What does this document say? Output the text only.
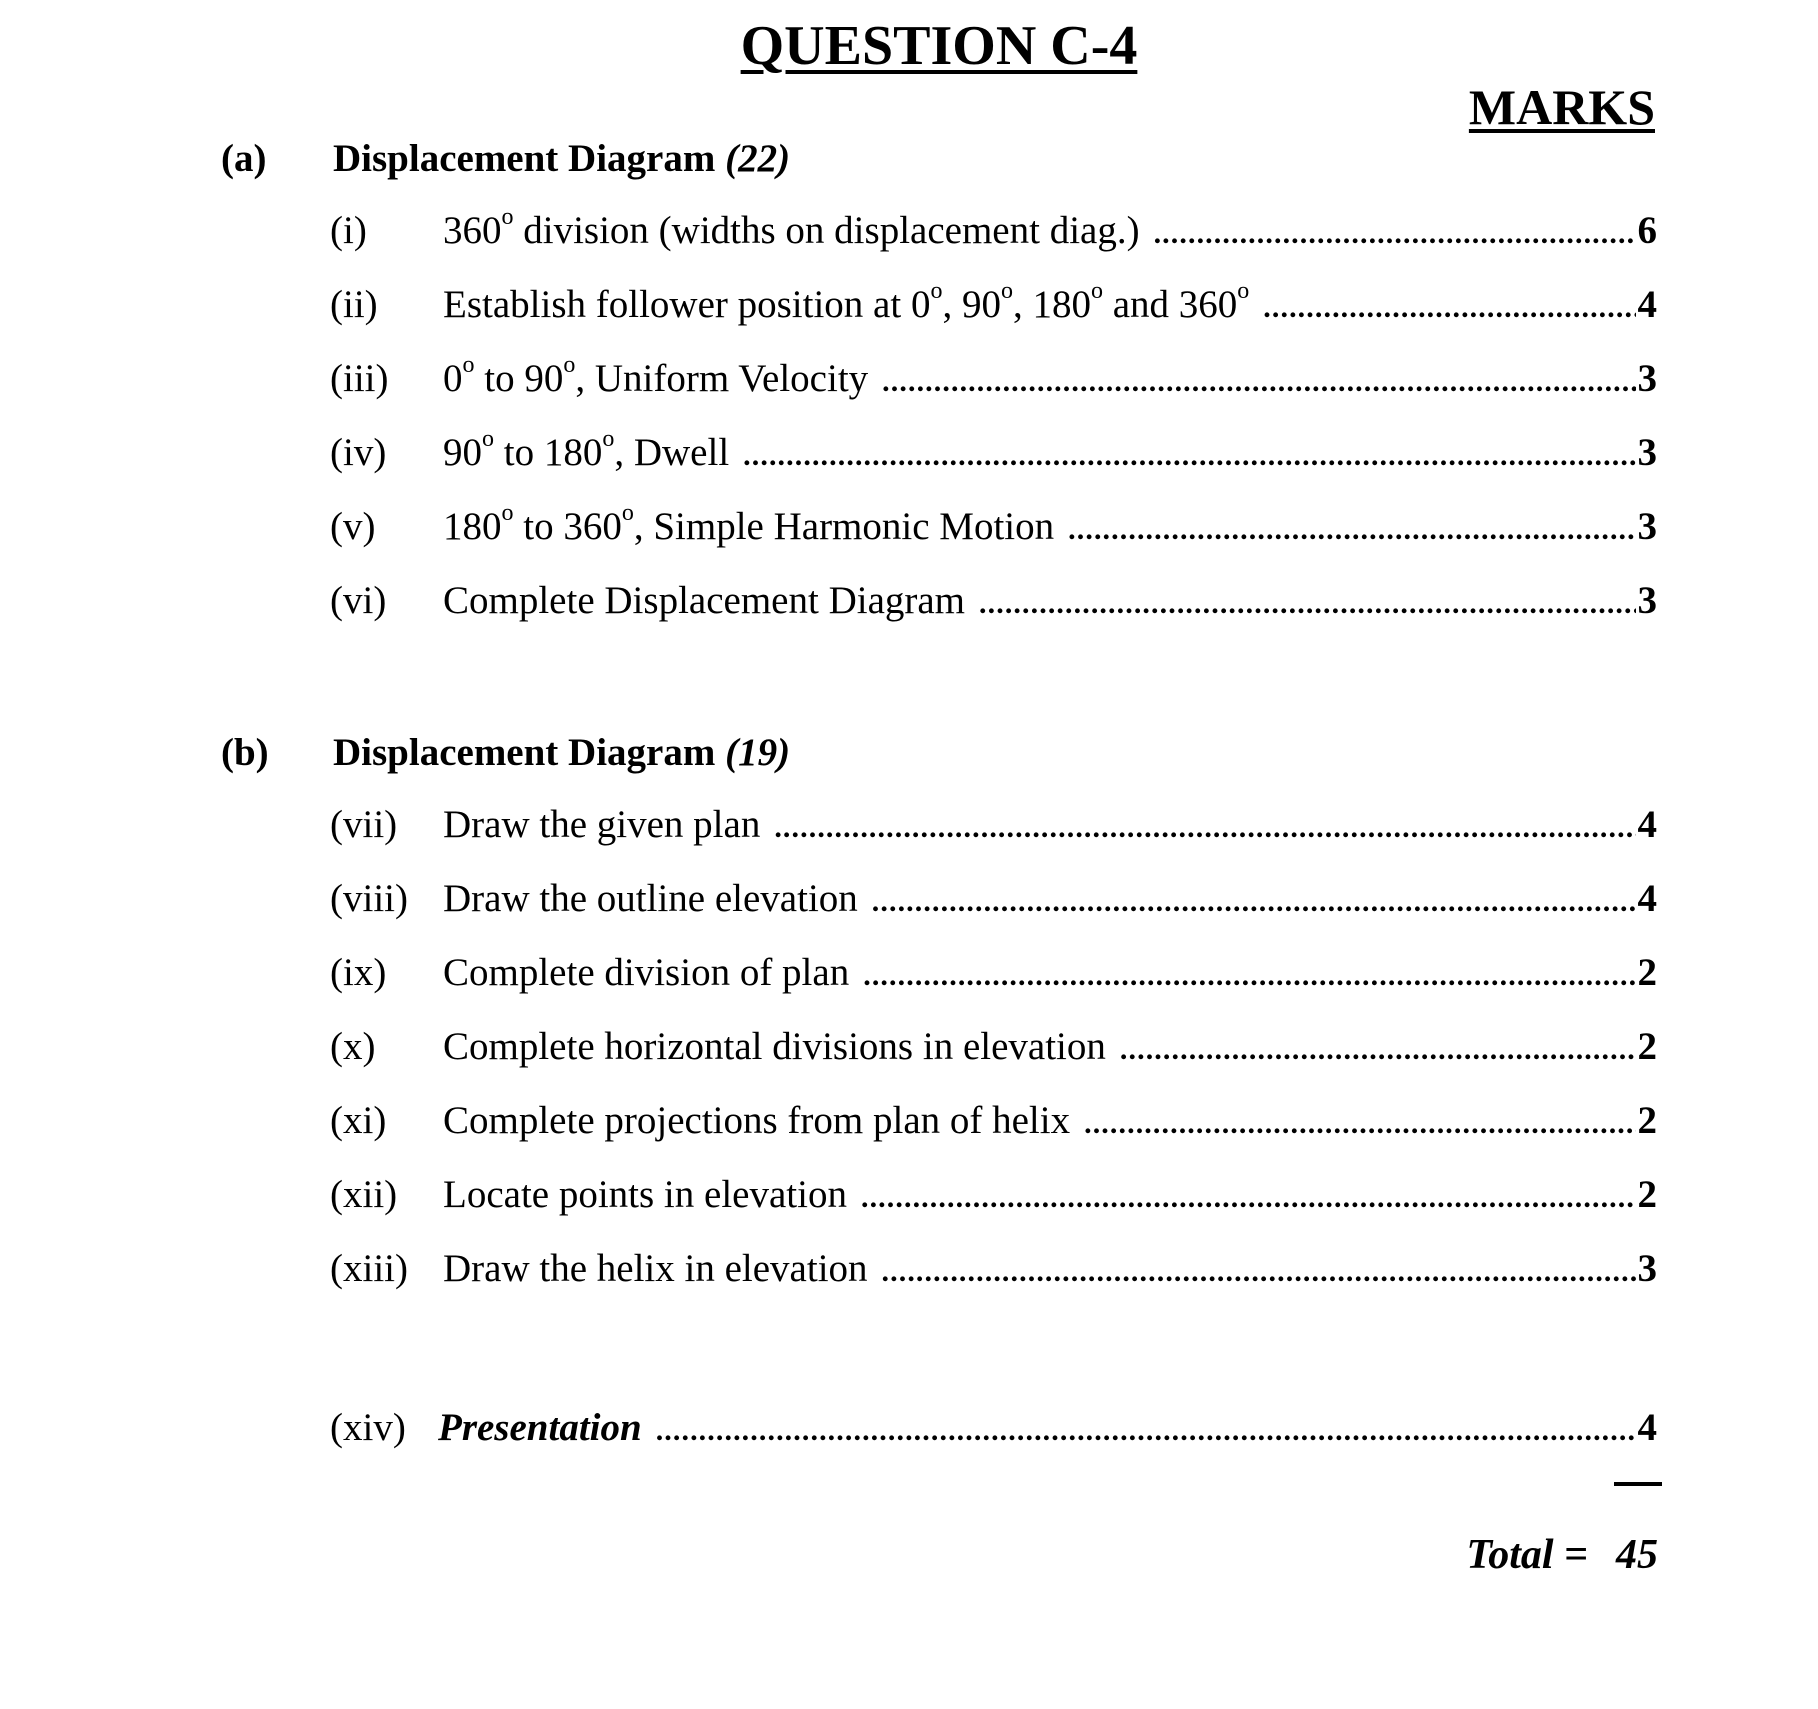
QUESTION C-4
MARKS
(a) Displacement Diagram (22)
(i)	360$^o$ division (widths on displacement diag.) .....	6
(ii)	Establish follower position at 0$^o$, 90$^o$, 180$^o$ and 360$^o$ .....	4
(iii)	0$^o$ to 90$^o$, Uniform Velocity .....	3
(iv)	90$^o$ to 180$^o$, Dwell .....	3
(v)	180$^o$ to 360$^o$, Simple Harmonic Motion .....	3
(vi)	Complete Displacement Diagram .....	3
(b) Displacement Diagram (19)
(vii)	Draw the given plan .....	4
(viii) Draw the outline elevation .....	4
(ix)	Complete division of plan .....	2
(x)	Complete horizontal divisions in elevation .....	2
(xi)	Complete projections from plan of helix .....	2
(xii)	Locate points in elevation .....	2
(xiii) Draw the helix in elevation .....	3
(xiv) Presentation .....	4
Total = 45
